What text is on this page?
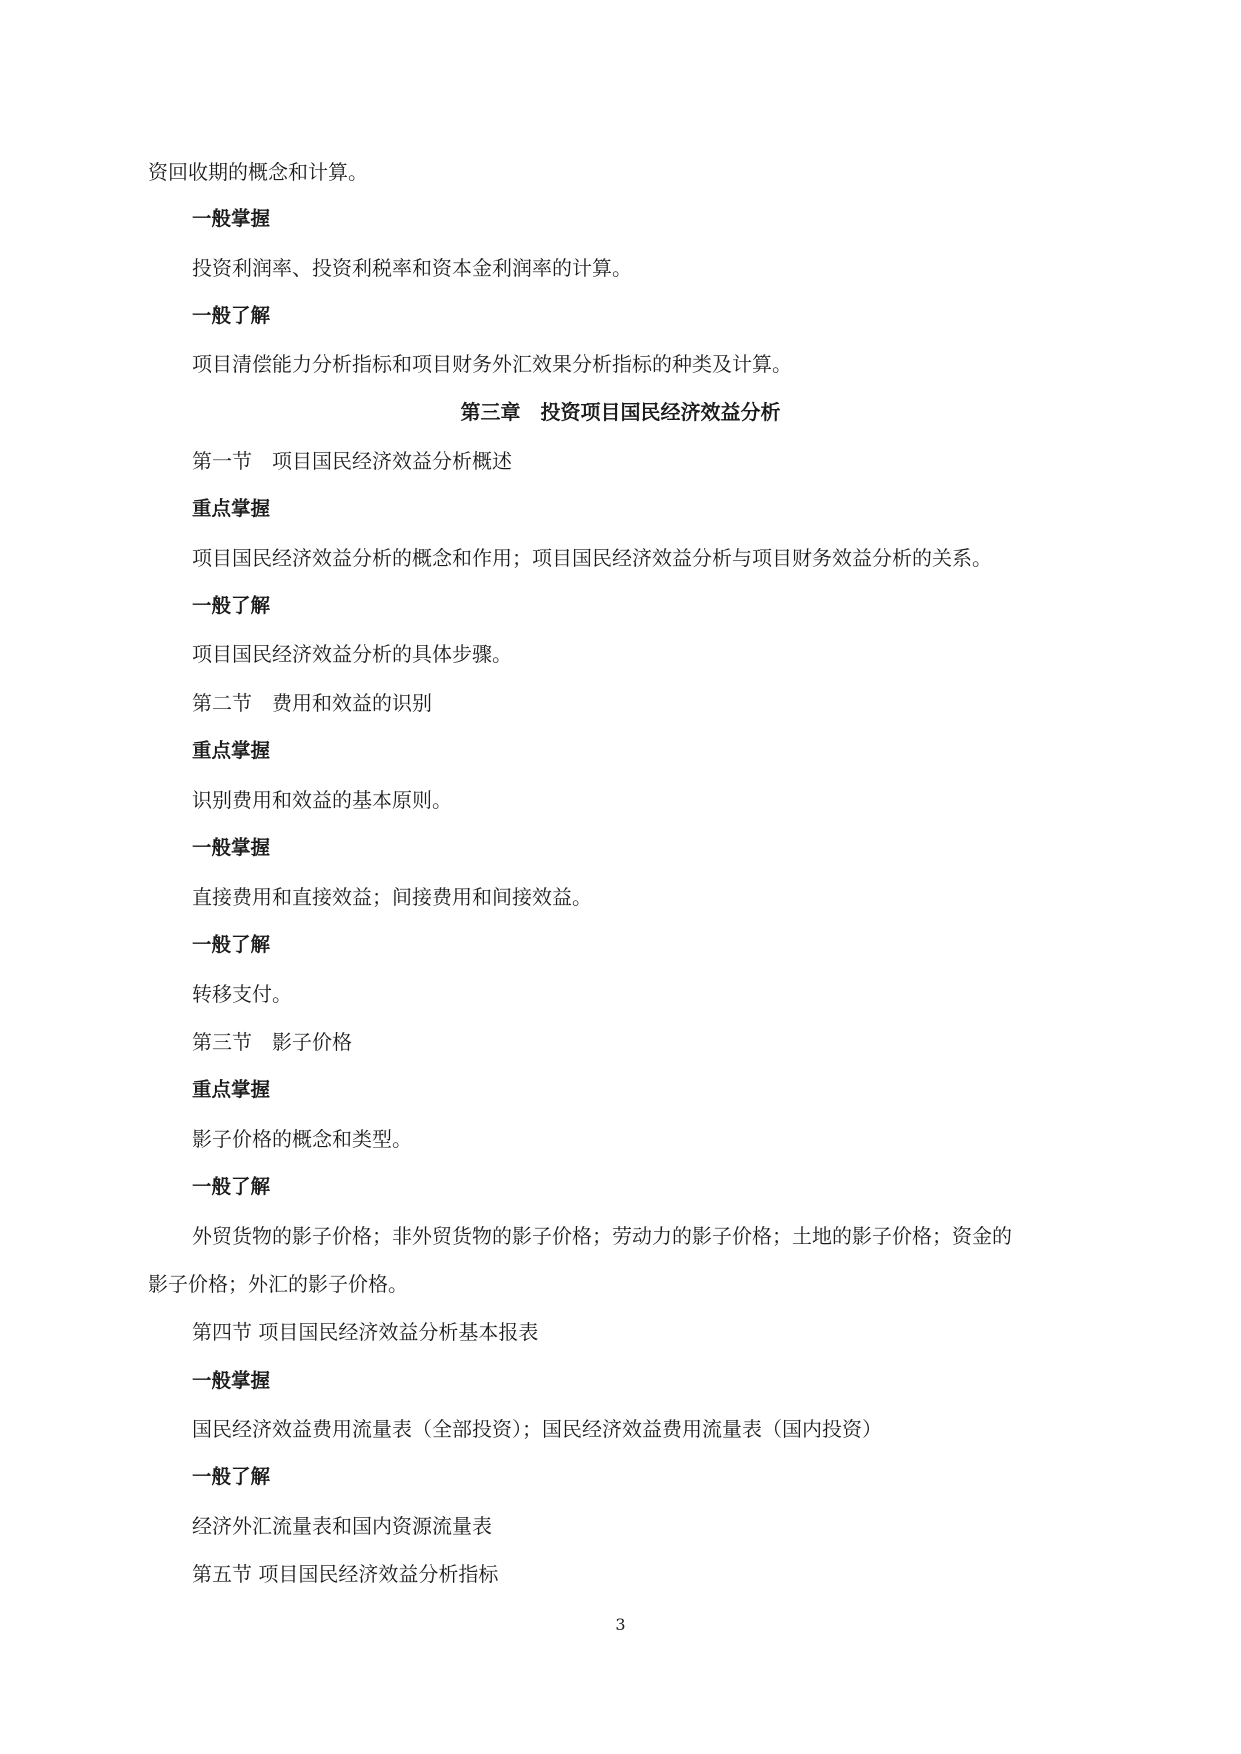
资回收期的概念和计算。

一般掌握

投资利润率、投资利税率和资本金利润率的计算。

一般了解

项目清偿能力分析指标和项目财务外汇效果分析指标的种类及计算。

第三章　投资项目国民经济效益分析

第一节　项目国民经济效益分析概述

重点掌握

项目国民经济效益分析的概念和作用；项目国民经济效益分析与项目财务效益分析的关系。

一般了解

项目国民经济效益分析的具体步骤。

第二节　费用和效益的识别

重点掌握

识别费用和效益的基本原则。

一般掌握

直接费用和直接效益；间接费用和间接效益。

一般了解

转移支付。

第三节　影子价格

重点掌握

影子价格的概念和类型。

一般了解

外贸货物的影子价格；非外贸货物的影子价格；劳动力的影子价格；土地的影子价格；资金的

影子价格；外汇的影子价格。

第四节 项目国民经济效益分析基本报表

一般掌握

国民经济效益费用流量表（全部投资）；国民经济效益费用流量表（国内投资）

一般了解

经济外汇流量表和国内资源流量表

第五节 项目国民经济效益分析指标

3
